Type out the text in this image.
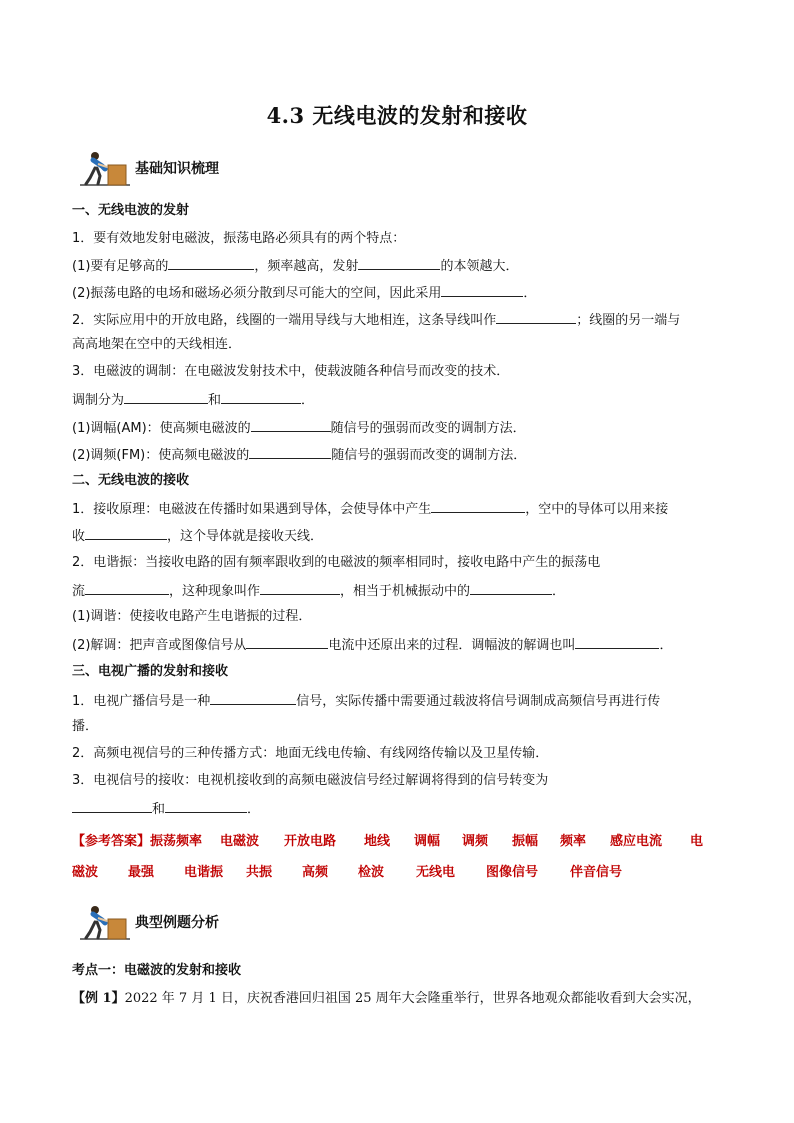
4.3 无线电波的发射和接收
基础知识梳理
一、无线电波的发射
1．要有效地发射电磁波，振荡电路必须具有的两个特点：
(1)要有足够高的	，频率越高，发射	的本领越大．
(2)振荡电路的电场和磁场必须分散到尽可能大的空间，因此采用	．
2．实际应用中的开放电路，线圈的一端用导线与大地相连，这条导线叫作	；线圈的另一端与
高高地架在空中的天线相连．
3．电磁波的调制：在电磁波发射技术中，使载波随各种信号而改变的技术．
调制分为	和	．
(1)调幅(AM)：使高频电磁波的	随信号的强弱而改变的调制方法．
(2)调频(FM)：使高频电磁波的	随信号的强弱而改变的调制方法．
二、无线电波的接收
1．接收原理：电磁波在传播时如果遇到导体，会使导体中产生	，空中的导体可以用来接
收	，这个导体就是接收天线．
2．电谐振：当接收电路的固有频率跟收到的电磁波的频率相同时，接收电路中产生的振荡电
流	，这种现象叫作	，相当于机械振动中的	．
(1)调谐：使接收电路产生电谐振的过程．
(2)解调：把声音或图像信号从	电流中还原出来的过程．调幅波的解调也叫	．
三、电视广播的发射和接收
1．电视广播信号是一种	信号，实际传播中需要通过载波将信号调制成高频信号再进行传
播．
2．高频电视信号的三种传播方式：地面无线电传输、有线网络传输以及卫星传输．
3．电视信号的接收：电视机接收到的高频电磁波信号经过解调将得到的信号转变为
和	．
【参考答案】振荡频率 电磁波 开放电路 地线 调幅 调频 振幅 频率 感应电流 电
磁波 最强 电谐振 共振 高频 检波 无线电 图像信号 伴音信号
典型例题分析
考点一：电磁波的发射和接收
【例 1】2022 年 7 月 1 日，庆祝香港回归祖国 25 周年大会隆重举行，世界各地观众都能收看到大会实况，
